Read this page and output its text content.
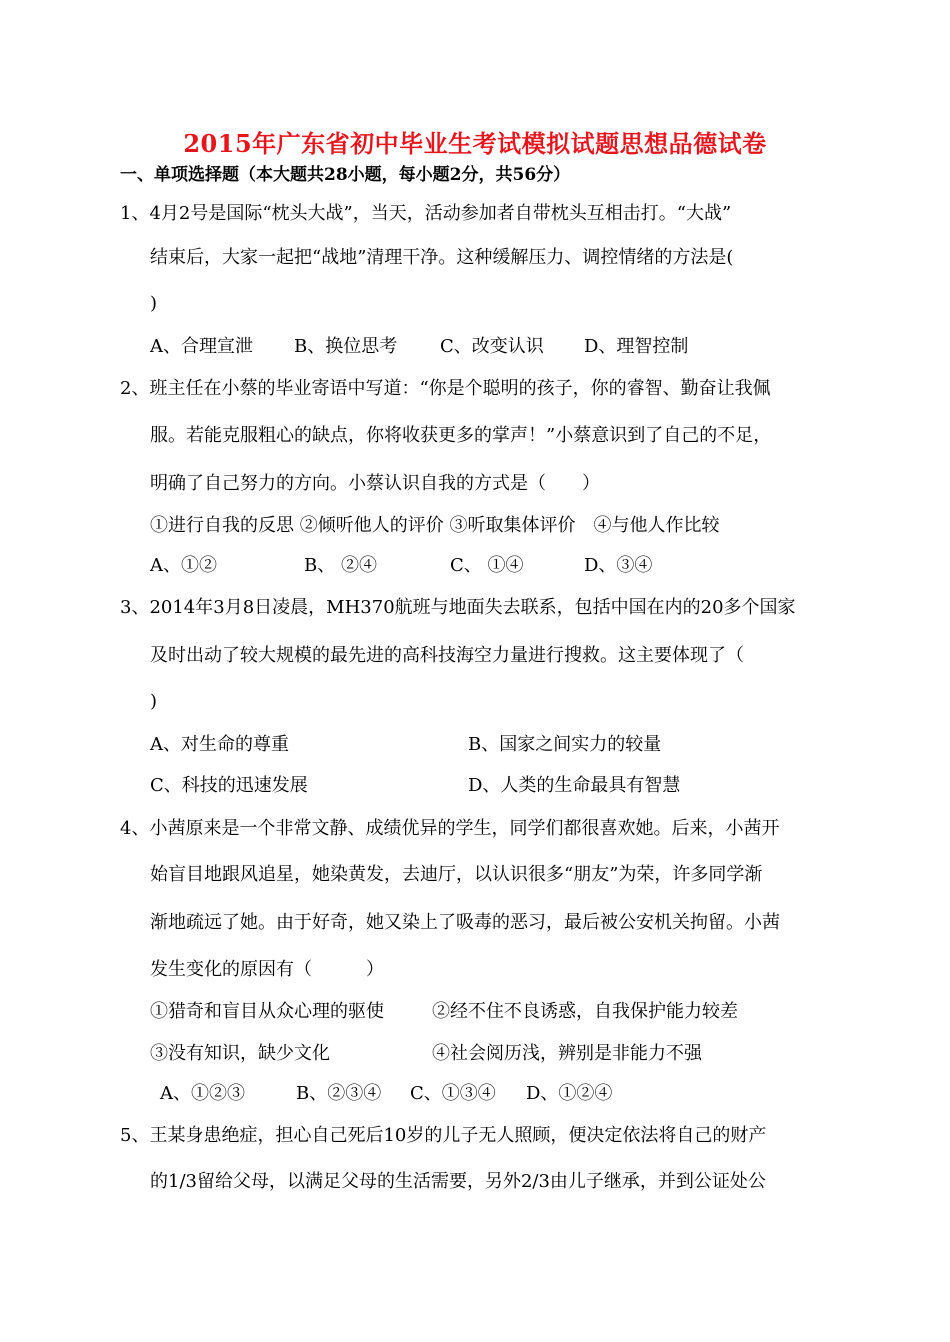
2015年广东省初中毕业生考试模拟试题思想品德试卷
一、单项选择题（本大题共28小题，每小题2分，共56分）
1、4月2号是国际“枕头大战”，当天，活动参加者自带枕头互相击打。“大战”
结束后，大家一起把“战地”清理干净。这种缓解压力、调控情绪的方法是(
)
A、合理宣泄 B、换位思考 C、改变认识 D、理智控制
2、班主任在小蔡的毕业寄语中写道：“你是个聪明的孩子，你的睿智、勤奋让我佩
服。若能克服粗心的缺点，你将收获更多的掌声！”小蔡意识到了自己的不足，
明确了自己努力的方向。小蔡认识自我的方式是（　　）
①进行自我的反思 ②倾听他人的评价 ③听取集体评价　④与他人作比较
A、①②	B、 ②④	C、 ①④	D、③④
3、2014年3月8日凌晨，MH370航班与地面失去联系，包括中国在内的20多个国家
及时出动了较大规模的最先进的高科技海空力量进行搜救。这主要体现了（
)
A、对生命的尊重	B、国家之间实力的较量
C、科技的迅速发展	D、人类的生命最具有智慧
4、小茜原来是一个非常文静、成绩优异的学生，同学们都很喜欢她。后来，小茜开
始盲目地跟风追星，她染黄发，去迪厅，以认识很多“朋友”为荣，许多同学渐
渐地疏远了她。由于好奇，她又染上了吸毒的恶习，最后被公安机关拘留。小茜
发生变化的原因有（　　　）
①猎奇和盲目从众心理的驱使	②经不住不良诱惑，自我保护能力较差
③没有知识，缺少文化	④社会阅历浅，辨别是非能力不强
A、①②③	B、②③④ C、①③④ D、①②④
5、王某身患绝症，担心自己死后10岁的儿子无人照顾，便决定依法将自己的财产
的1/3留给父母，以满足父母的生活需要，另外2/3由儿子继承，并到公证处公
